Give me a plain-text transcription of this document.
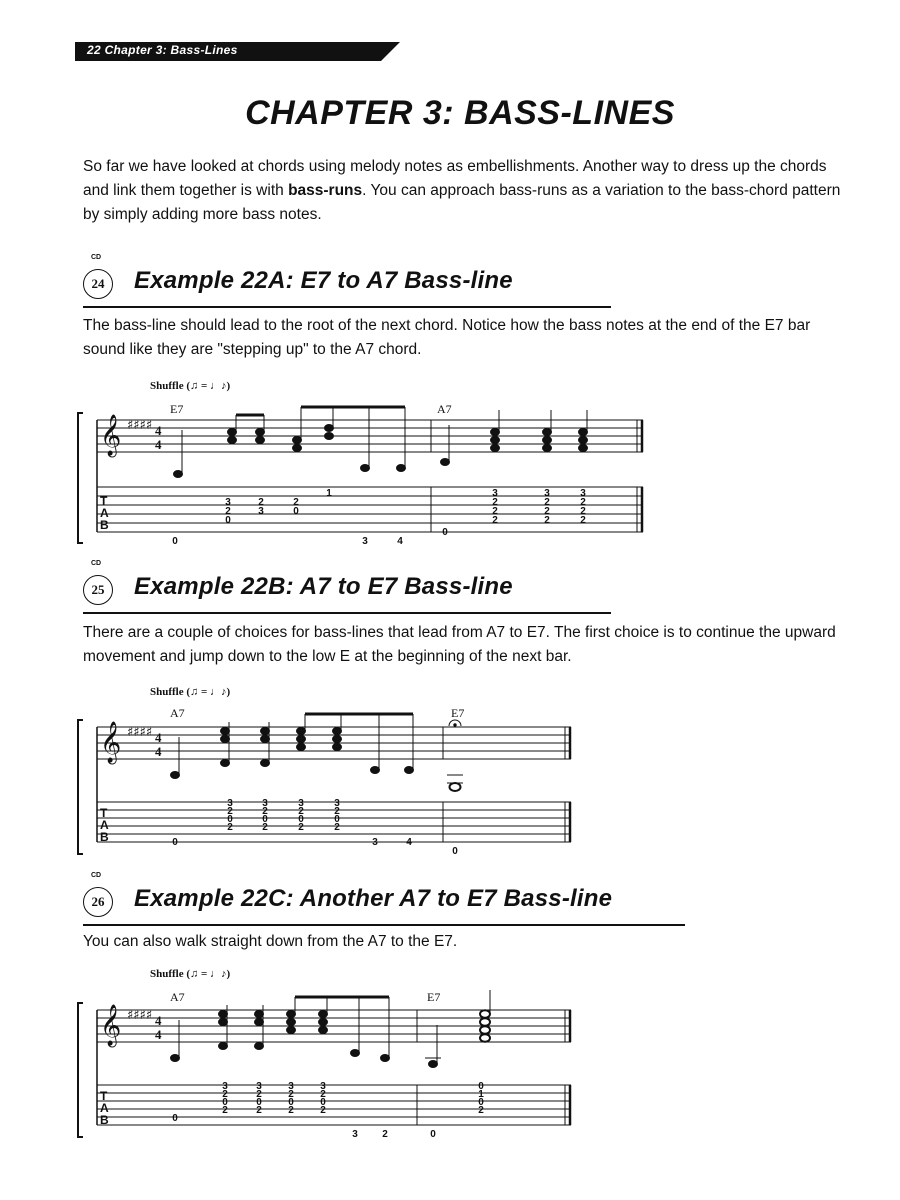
22 Chapter 3: Bass-Lines
CHAPTER 3: BASS-LINES
So far we have looked at chords using melody notes as embellishments. Another way to dress up the chords and link them together is with bass-runs. You can approach bass-runs as a variation to the bass-chord pattern by simply adding more bass notes.
CD
24 Example 22A: E7 to A7 Bass-line
The bass-line should lead to the root of the next chord. Notice how the bass notes at the end of the E7 bar sound like they are "stepping up" to the A7 chord.
Shuffle (♫ = ♩♪)
𝄞 ♯♯♯♯ 4
4
T
A
B
E7	A7
0
3
2
0
2
3
2
0
1
3	4
0
3
2
2
2
3
2
2
2
3
2
2
2
CD
25 Example 22B: A7 to E7 Bass-line
There are a couple of choices for bass-lines that lead from A7 to E7. The first choice is to continue the upward movement and jump down to the low E at the beginning of the next bar.
Shuffle (♫ = ♩♪)
𝄞 ♯♯♯♯ 4
4
T
A
B
A7	E7
0
3
2
0
2
3
2
0
2
3
2
0
2
3
2
0
2
3	4
0
CD
26 Example 22C: Another A7 to E7 Bass-line
You can also walk straight down from the A7 to the E7.
Shuffle (♫ = ♩♪)
𝄞 ♯♯♯♯ 4
4
T
A
B
A7	E7
0
3
2
0
2
3
2
0
2
3
2
0
2
3
2
0
2
3 2	0
0
1
0
2
